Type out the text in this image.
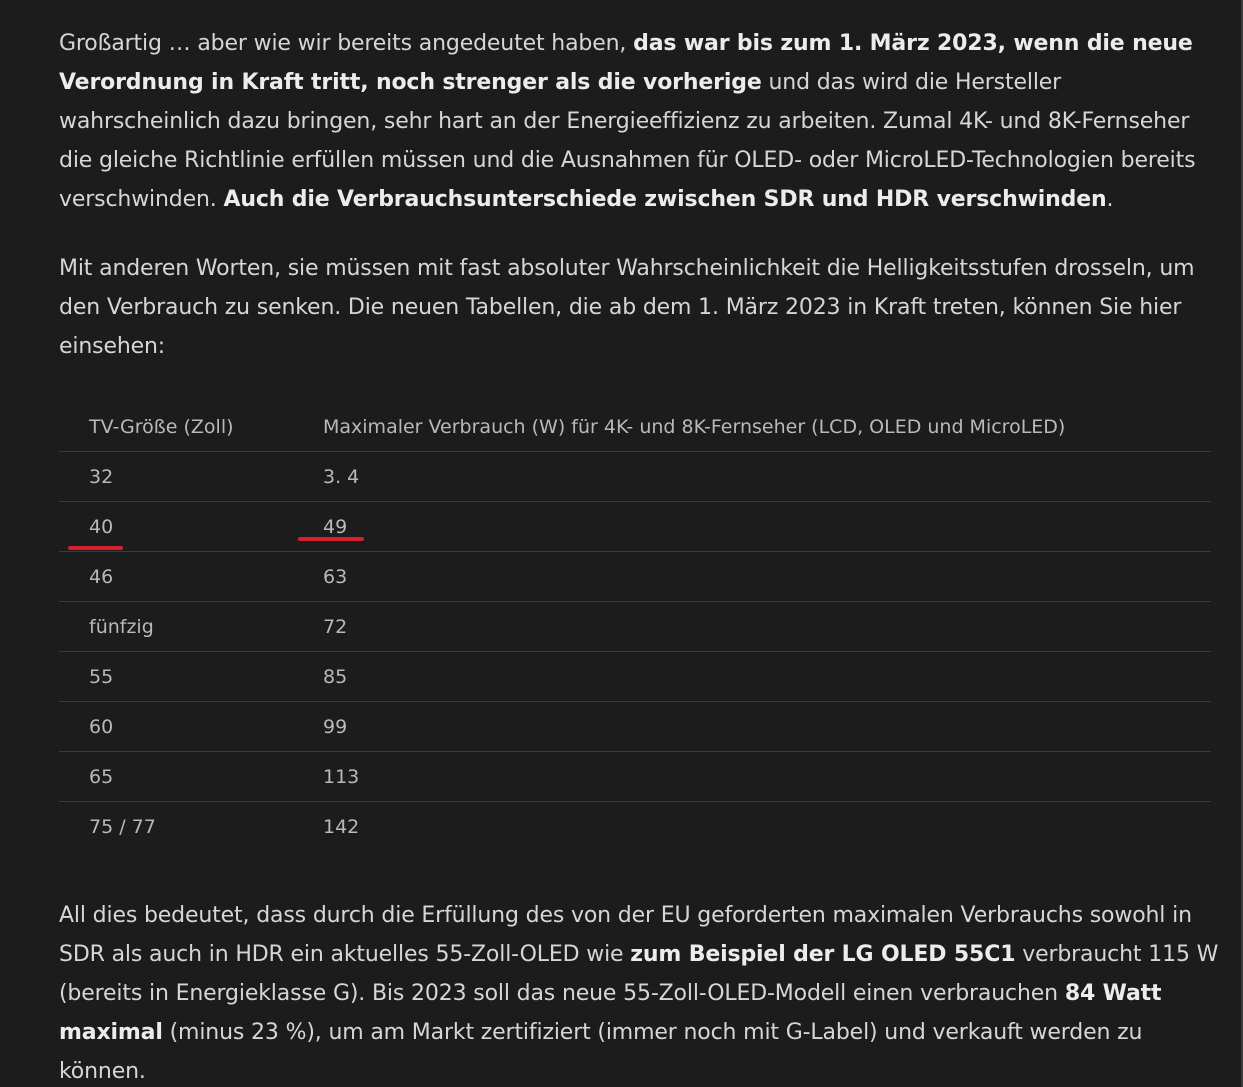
Großartig … aber wie wir bereits angedeutet haben, das war bis zum 1. März 2023, wenn die neue Verordnung in Kraft tritt, noch strenger als die vorherige und das wird die Hersteller wahrscheinlich dazu bringen, sehr hart an der Energieeffizienz zu arbeiten. Zumal 4K- und 8K-Fernseher die gleiche Richtlinie erfüllen müssen und die Ausnahmen für OLED- oder MicroLED-Technologien bereits verschwinden. Auch die Verbrauchsunterschiede zwischen SDR und HDR verschwinden.

Mit anderen Worten, sie müssen mit fast absoluter Wahrscheinlichkeit die Helligkeitsstufen drosseln, um den Verbrauch zu senken. Die neuen Tabellen, die ab dem 1. März 2023 in Kraft treten, können Sie hier einsehen:

TV-Größe (Zoll)	Maximaler Verbrauch (W) für 4K- und 8K-Fernseher (LCD, OLED und MicroLED)
32	3. 4
40	49
46	63
fünfzig	72
55	85
60	99
65	113
75 / 77	142

All dies bedeutet, dass durch die Erfüllung des von der EU geforderten maximalen Verbrauchs sowohl in SDR als auch in HDR ein aktuelles 55-Zoll-OLED wie zum Beispiel der LG OLED 55C1 verbraucht 115 W (bereits in Energieklasse G). Bis 2023 soll das neue 55-Zoll-OLED-Modell einen verbrauchen 84 Watt maximal (minus 23 %), um am Markt zertifiziert (immer noch mit G-Label) und verkauft werden zu können.
